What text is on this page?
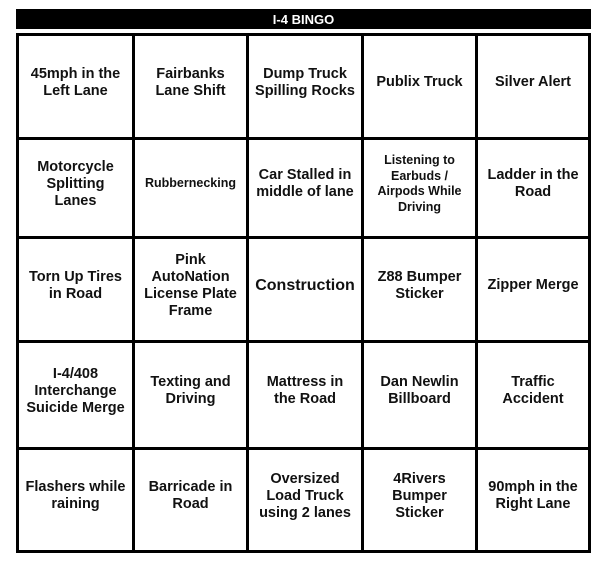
I-4 BINGO
45mph in the Left Lane
Fairbanks Lane Shift
Dump Truck Spilling Rocks
Publix Truck	Silver Alert
Motorcycle Splitting Lanes
Rubbernecking
Car Stalled in middle of lane
Listening to Earbuds / Airpods While Driving
Ladder in the Road
Torn Up Tires in Road
Pink AutoNation License Plate Frame
Construction
Z88 Bumper Sticker
Zipper Merge
I-4/408 Interchange Suicide Merge
Texting and Driving
Mattress in the Road
Dan Newlin Billboard
Traffic Accident
Flashers while raining
Barricade in Road
Oversized Load Truck using 2 lanes
4Rivers Bumper Sticker
90mph in the Right Lane
